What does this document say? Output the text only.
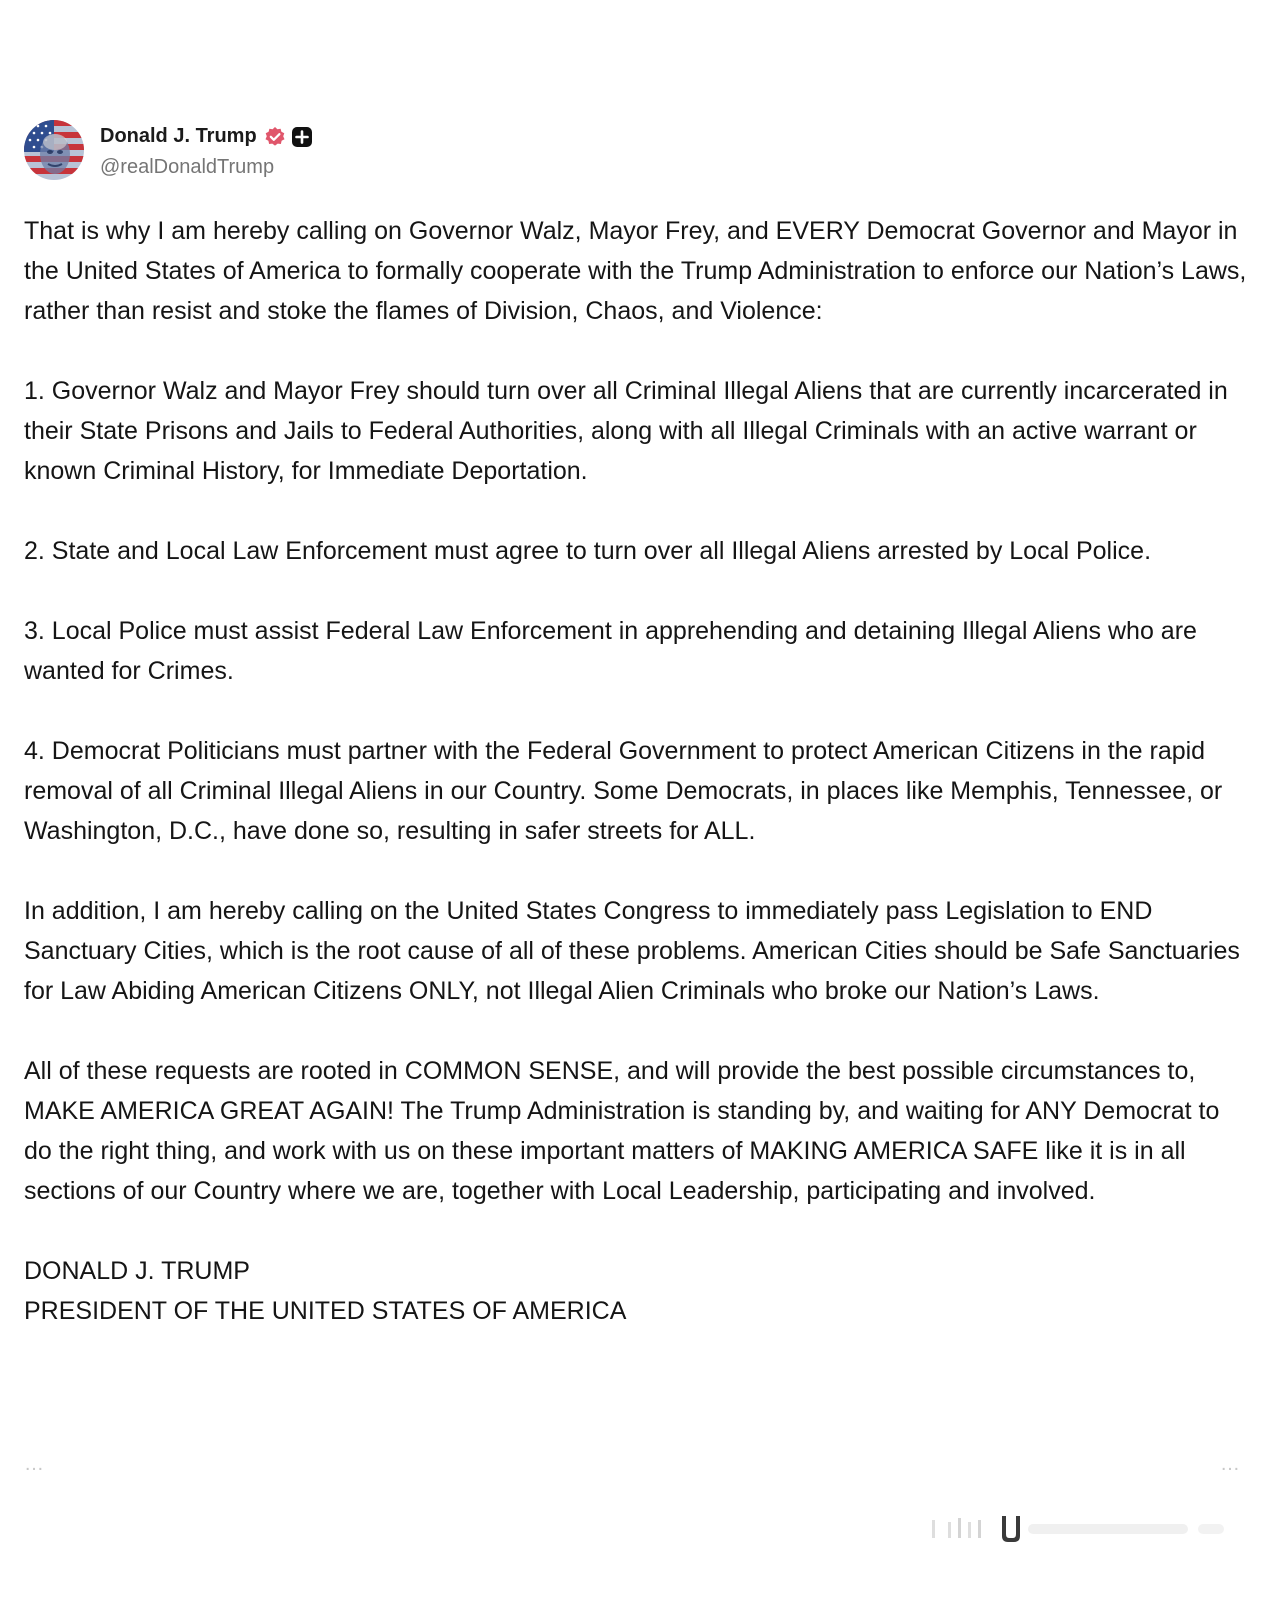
Donald J. Trump
@realDonaldTrump

That is why I am hereby calling on Governor Walz, Mayor Frey, and EVERY Democrat Governor and Mayor in the United States of America to formally cooperate with the Trump Administration to enforce our Nation’s Laws, rather than resist and stoke the flames of Division, Chaos, and Violence:

1. Governor Walz and Mayor Frey should turn over all Criminal Illegal Aliens that are currently incarcerated in their State Prisons and Jails to Federal Authorities, along with all Illegal Criminals with an active warrant or known Criminal History, for Immediate Deportation.

2. State and Local Law Enforcement must agree to turn over all Illegal Aliens arrested by Local Police.

3. Local Police must assist Federal Law Enforcement in apprehending and detaining Illegal Aliens who are wanted for Crimes.

4. Democrat Politicians must partner with the Federal Government to protect American Citizens in the rapid removal of all Criminal Illegal Aliens in our Country. Some Democrats, in places like Memphis, Tennessee, or Washington, D.C., have done so, resulting in safer streets for ALL.

In addition, I am hereby calling on the United States Congress to immediately pass Legislation to END Sanctuary Cities, which is the root cause of all of these problems. American Cities should be Safe Sanctuaries for Law Abiding American Citizens ONLY, not Illegal Alien Criminals who broke our Nation’s Laws.

All of these requests are rooted in COMMON SENSE, and will provide the best possible circumstances to, MAKE AMERICA GREAT AGAIN! The Trump Administration is standing by, and waiting for ANY Democrat to do the right thing, and work with us on these important matters of MAKING AMERICA SAFE like it is in all sections of our Country where we are, together with Local Leadership, participating and involved.

DONALD J. TRUMP

PRESIDENT OF THE UNITED STATES OF AMERICA

…	…
